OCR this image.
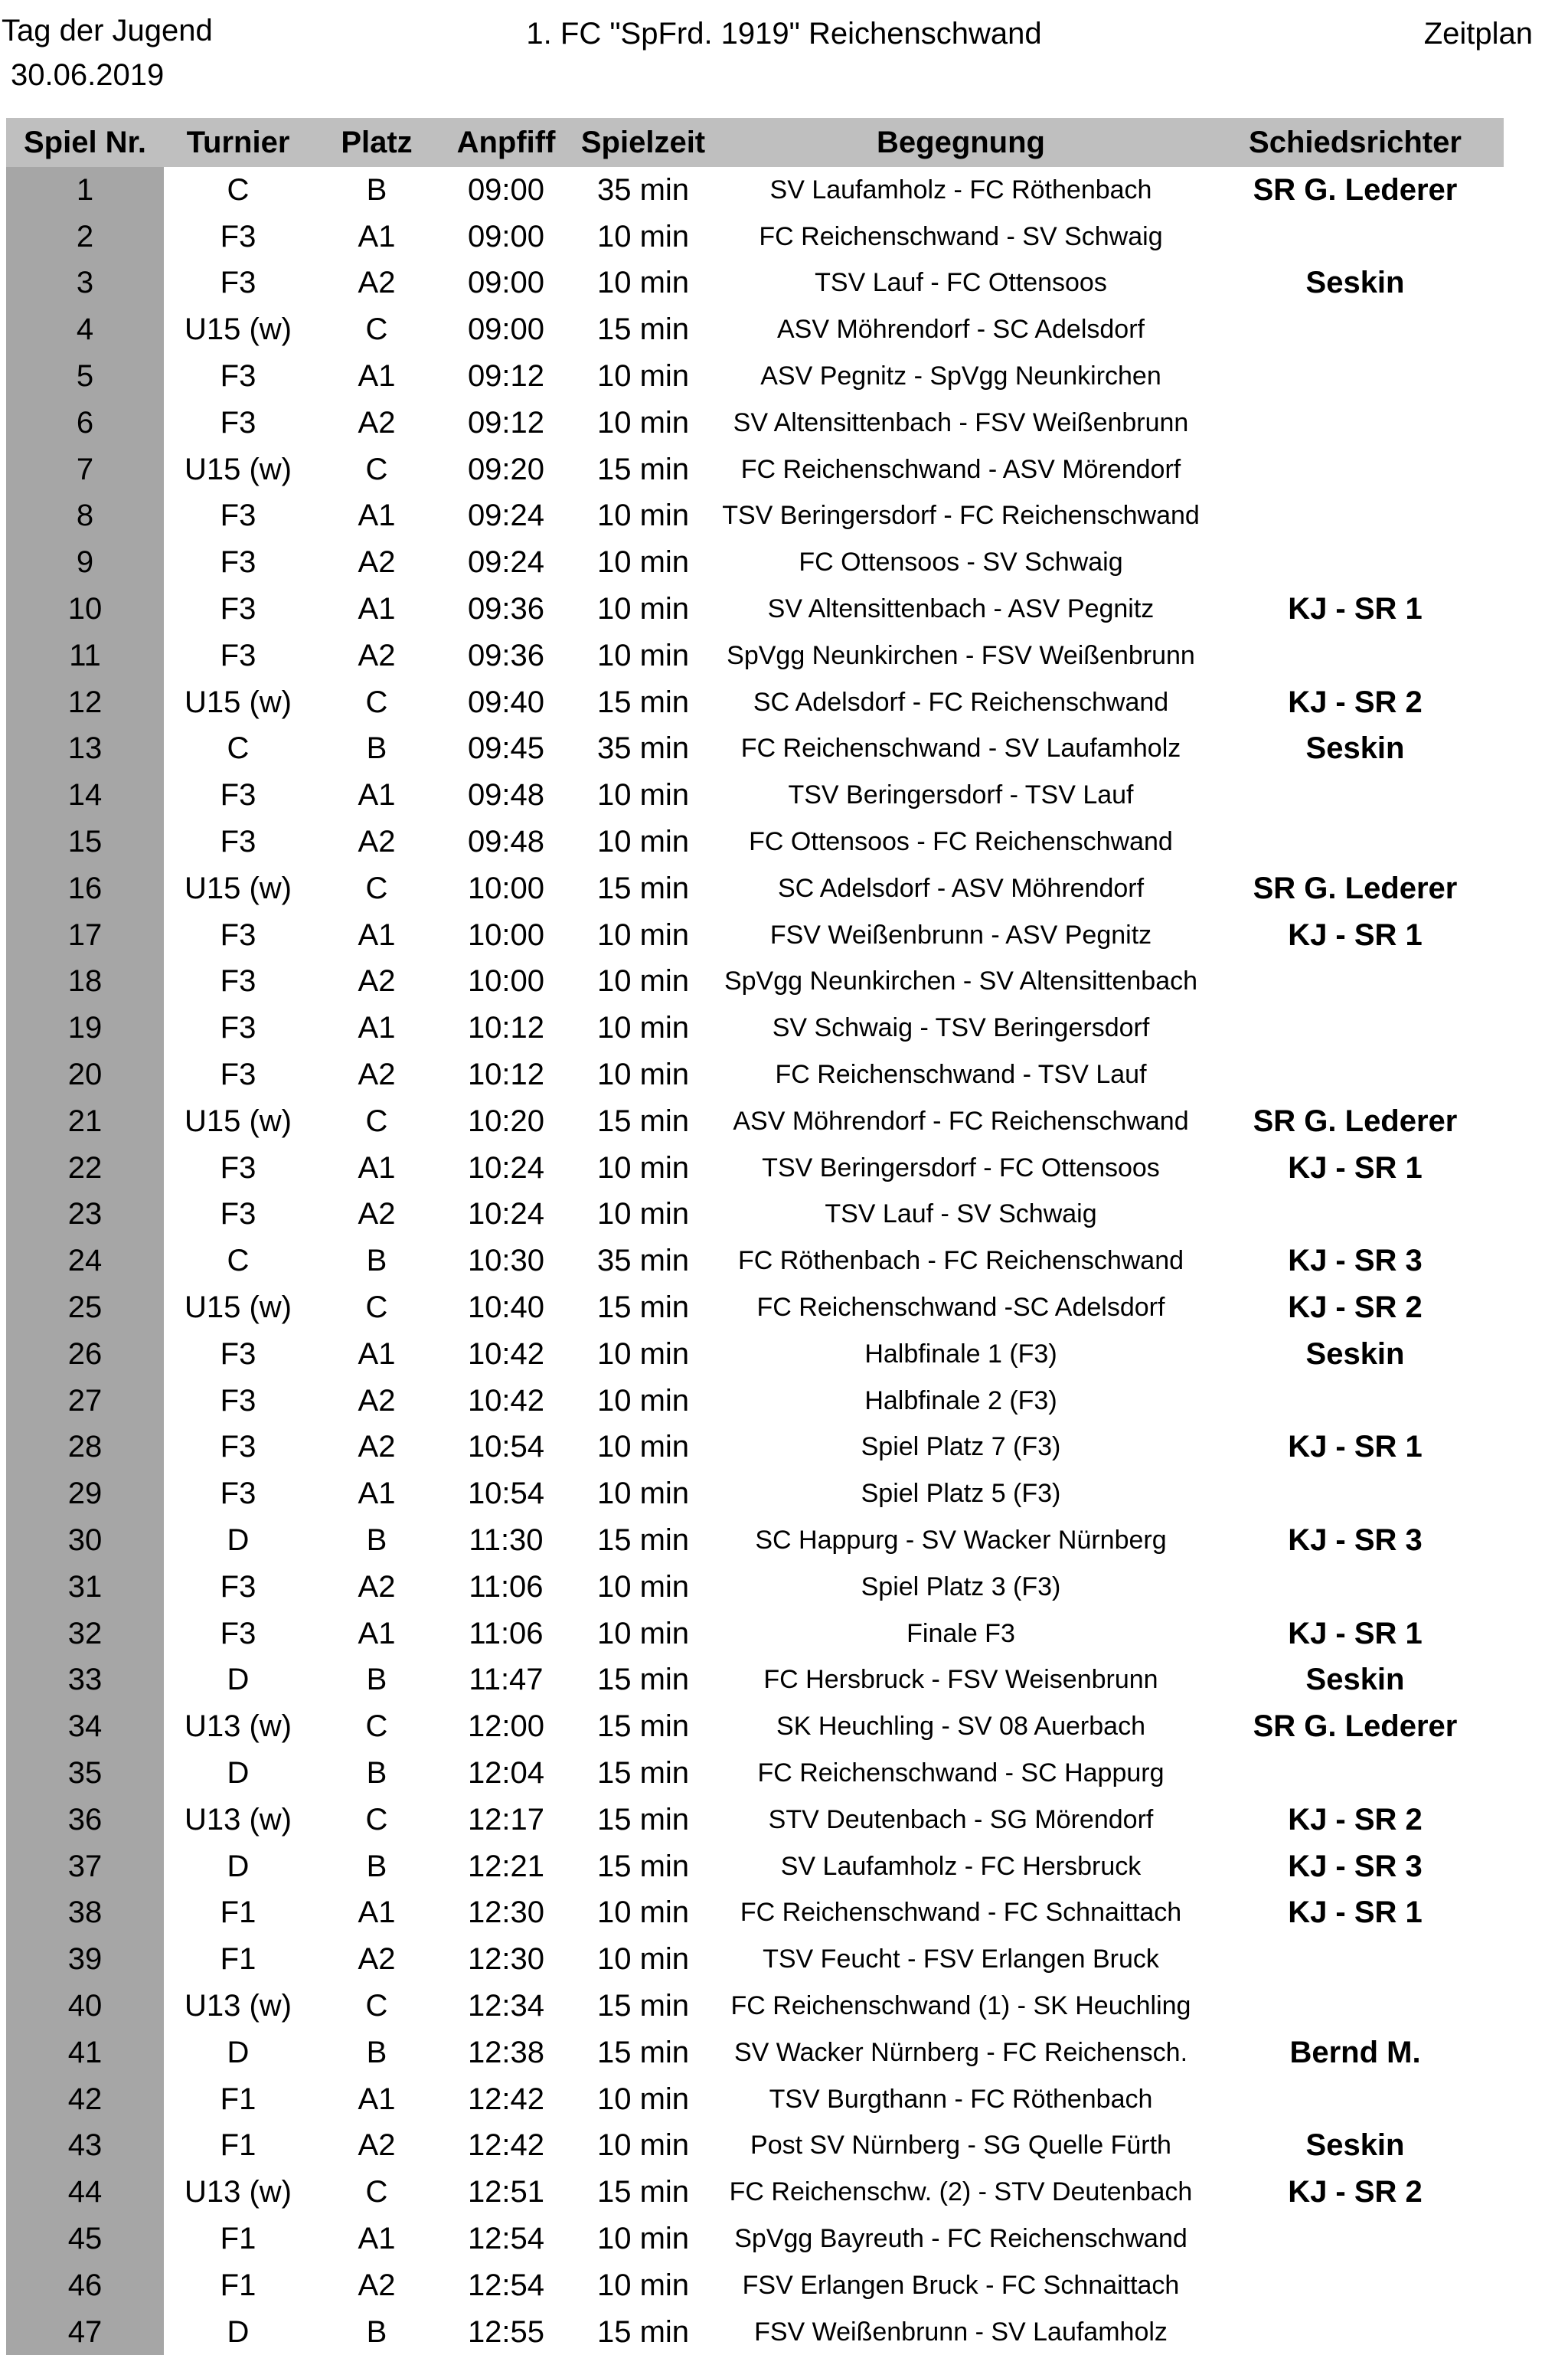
Tag der Jugend
30.06.2019
1. FC "SpFrd. 1919" Reichenschwand	Zeitplan
Spiel Nr.	Turnier	Platz	Anpfiff	Spielzeit	Begegnung	Schiedsrichter
1	C	B	09:00	35 min	SV Laufamholz - FC Röthenbach	SR G. Lederer
2	F3	A1	09:00	10 min	FC Reichenschwand - SV Schwaig	
3	F3	A2	09:00	10 min	TSV Lauf - FC Ottensoos	Seskin
4	U15 (w)	C	09:00	15 min	ASV Möhrendorf - SC Adelsdorf	
5	F3	A1	09:12	10 min	ASV Pegnitz - SpVgg Neunkirchen	
6	F3	A2	09:12	10 min	SV Altensittenbach - FSV Weißenbrunn	
7	U15 (w)	C	09:20	15 min	FC Reichenschwand - ASV Mörendorf	
8	F3	A1	09:24	10 min	TSV Beringersdorf - FC Reichenschwand	
9	F3	A2	09:24	10 min	FC Ottensoos - SV Schwaig	
10	F3	A1	09:36	10 min	SV Altensittenbach - ASV Pegnitz	KJ - SR 1
11	F3	A2	09:36	10 min	SpVgg Neunkirchen - FSV Weißenbrunn	
12	U15 (w)	C	09:40	15 min	SC Adelsdorf - FC Reichenschwand	KJ - SR 2
13	C	B	09:45	35 min	FC Reichenschwand - SV Laufamholz	Seskin
14	F3	A1	09:48	10 min	TSV Beringersdorf - TSV Lauf	
15	F3	A2	09:48	10 min	FC Ottensoos - FC Reichenschwand	
16	U15 (w)	C	10:00	15 min	SC Adelsdorf - ASV Möhrendorf	SR G. Lederer
17	F3	A1	10:00	10 min	FSV Weißenbrunn - ASV Pegnitz	KJ - SR 1
18	F3	A2	10:00	10 min	SpVgg Neunkirchen - SV Altensittenbach	
19	F3	A1	10:12	10 min	SV Schwaig - TSV Beringersdorf	
20	F3	A2	10:12	10 min	FC Reichenschwand - TSV Lauf	
21	U15 (w)	C	10:20	15 min	ASV Möhrendorf - FC Reichenschwand	SR G. Lederer
22	F3	A1	10:24	10 min	TSV Beringersdorf - FC Ottensoos	KJ - SR 1
23	F3	A2	10:24	10 min	TSV Lauf - SV Schwaig	
24	C	B	10:30	35 min	FC Röthenbach - FC Reichenschwand	KJ - SR 3
25	U15 (w)	C	10:40	15 min	FC Reichenschwand -SC Adelsdorf	KJ - SR 2
26	F3	A1	10:42	10 min	Halbfinale 1 (F3)	Seskin
27	F3	A2	10:42	10 min	Halbfinale 2 (F3)	
28	F3	A2	10:54	10 min	Spiel Platz 7 (F3)	KJ - SR 1
29	F3	A1	10:54	10 min	Spiel Platz 5 (F3)	
30	D	B	11:30	15 min	SC Happurg - SV Wacker Nürnberg	KJ - SR 3
31	F3	A2	11:06	10 min	Spiel Platz 3 (F3)	
32	F3	A1	11:06	10 min	Finale F3	KJ - SR 1
33	D	B	11:47	15 min	FC Hersbruck - FSV Weisenbrunn	Seskin
34	U13 (w)	C	12:00	15 min	SK Heuchling - SV 08 Auerbach	SR G. Lederer
35	D	B	12:04	15 min	FC Reichenschwand - SC Happurg	
36	U13 (w)	C	12:17	15 min	STV Deutenbach - SG Mörendorf	KJ - SR 2
37	D	B	12:21	15 min	SV Laufamholz - FC Hersbruck	KJ - SR 3
38	F1	A1	12:30	10 min	FC Reichenschwand - FC Schnaittach	KJ - SR 1
39	F1	A2	12:30	10 min	TSV Feucht - FSV Erlangen Bruck	
40	U13 (w)	C	12:34	15 min	FC Reichenschwand (1) - SK Heuchling	
41	D	B	12:38	15 min	SV Wacker Nürnberg - FC Reichensch.	Bernd M.
42	F1	A1	12:42	10 min	TSV Burgthann - FC Röthenbach	
43	F1	A2	12:42	10 min	Post SV Nürnberg - SG Quelle Fürth	Seskin
44	U13 (w)	C	12:51	15 min	FC Reichenschw. (2) - STV Deutenbach	KJ - SR 2
45	F1	A1	12:54	10 min	SpVgg Bayreuth - FC Reichenschwand	
46	F1	A2	12:54	10 min	FSV Erlangen Bruck - FC Schnaittach	
47	D	B	12:55	15 min	FSV Weißenbrunn - SV Laufamholz	
